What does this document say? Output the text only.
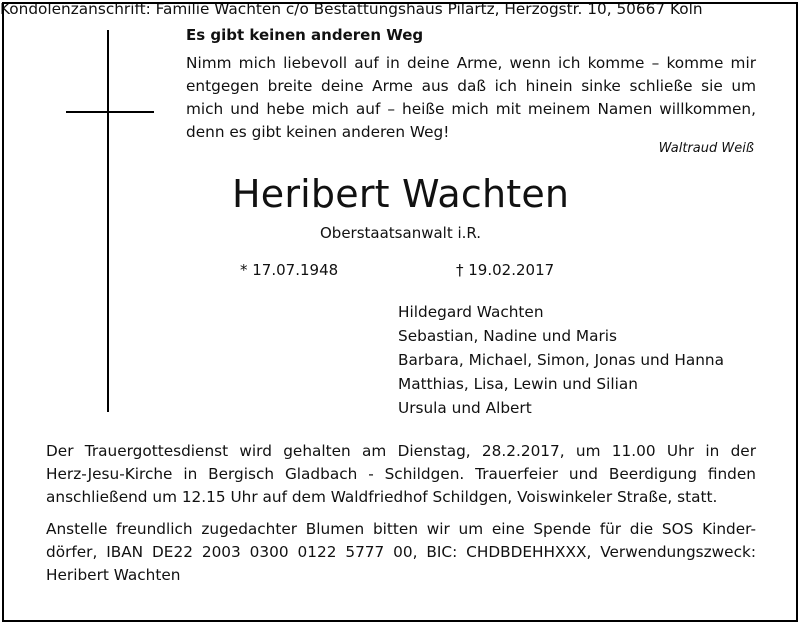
Es gibt keinen anderen Weg
Nimm mich liebevoll auf in deine Arme, wenn ich komme – komme mir
entgegen breite deine Arme aus daß ich hinein sinke schließe sie um
mich und hebe mich auf – heiße mich mit meinem Namen willkommen,
denn es gibt keinen anderen Weg!
Waltraud Weiß
Heribert Wachten
Oberstaatsanwalt i.R.
* 17.07.1948	† 19.02.2017
Hildegard Wachten
Sebastian, Nadine und Maris
Barbara, Michael, Simon, Jonas und Hanna
Matthias, Lisa, Lewin und Silian
Ursula und Albert
Der Trauergottesdienst wird gehalten am Dienstag, 28.2.2017, um 11.00 Uhr in der
Herz-Jesu-Kirche in Bergisch Gladbach - Schildgen. Trauerfeier und Beerdigung finden
anschließend um 12.15 Uhr auf dem Waldfriedhof Schildgen, Voiswinkeler Straße, statt.
Anstelle freundlich zugedachter Blumen bitten wir um eine Spende für die SOS Kinder-
dörfer, IBAN DE22 2003 0300 0122 5777 00, BIC: CHDBDEHHXXX, Verwendungszweck:
Heribert Wachten
Kondolenzanschrift: Familie Wachten c/o Bestattungshaus Pilartz, Herzogstr. 10, 50667 Köln
